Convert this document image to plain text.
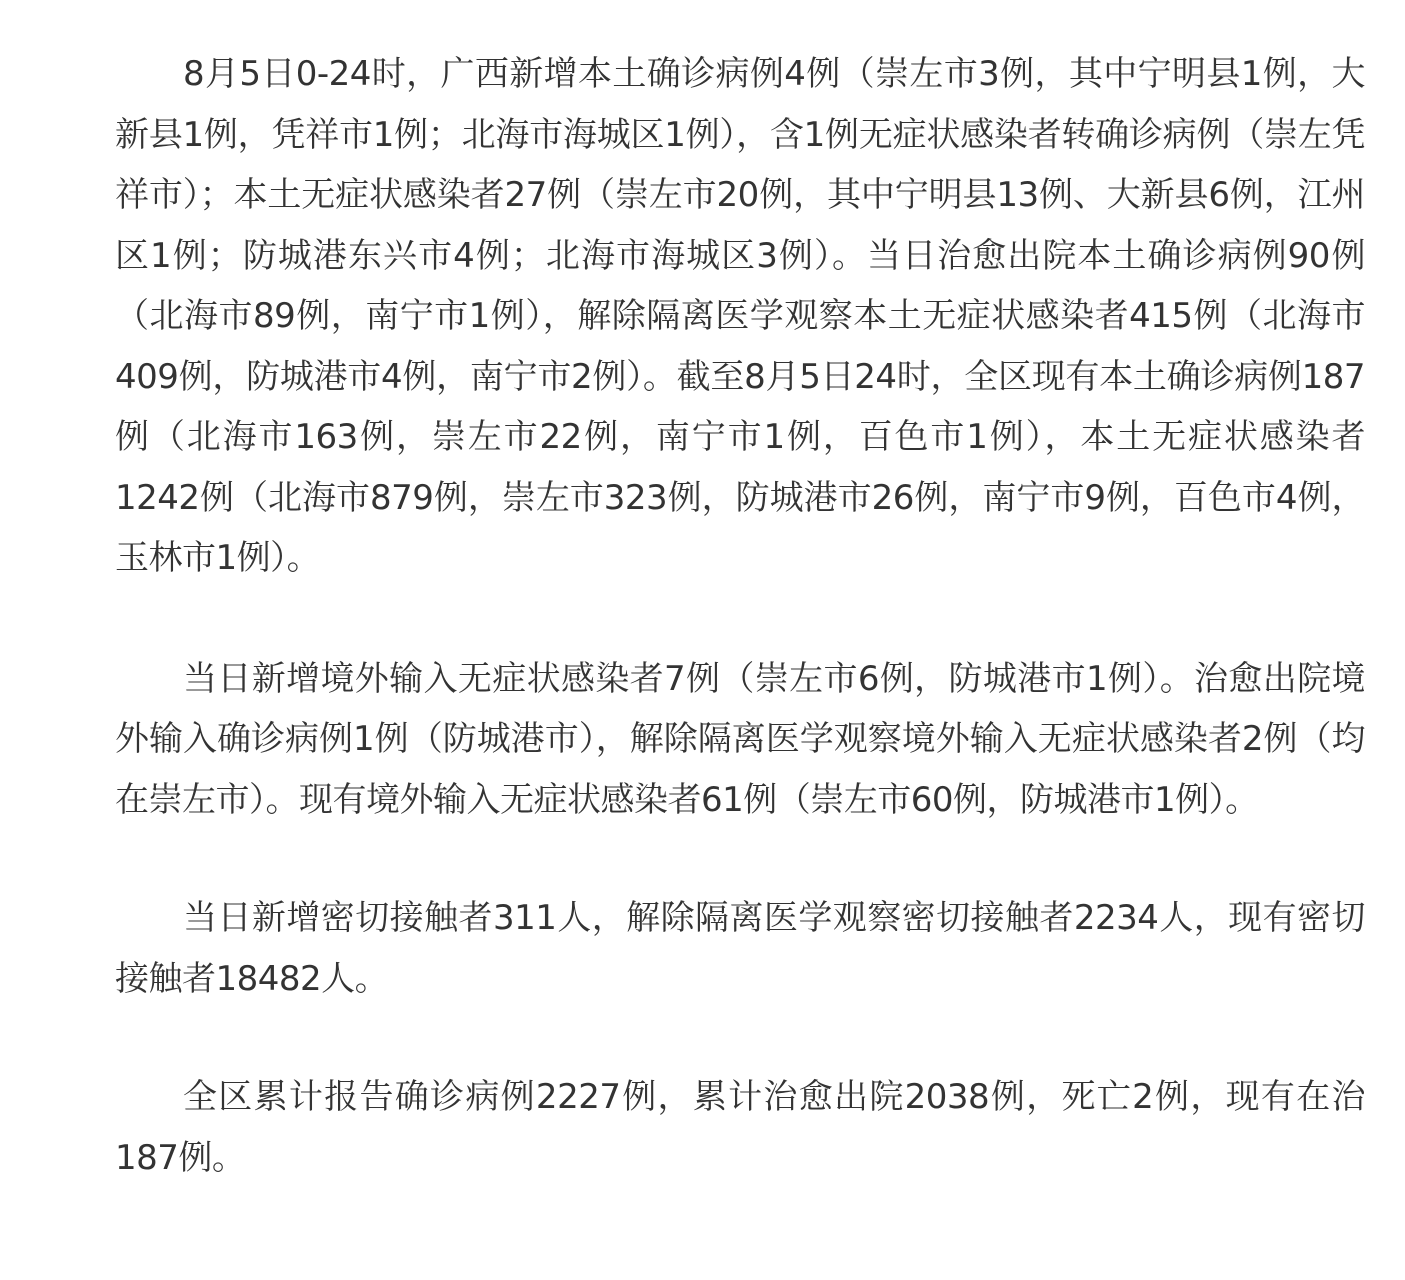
8月5日0-24时，广西新增本土确诊病例4例（崇左市3例，其中宁明县1例，大新县1例，凭祥市1例；北海市海城区1例），含1例无症状感染者转确诊病例（崇左凭祥市）；本土无症状感染者27例（崇左市20例，其中宁明县13例、大新县6例，江州区1例；防城港东兴市4例；北海市海城区3例）。当日治愈出院本土确诊病例90例（北海市89例，南宁市1例），解除隔离医学观察本土无症状感染者415例（北海市409例，防城港市4例，南宁市2例）。截至8月5日24时，全区现有本土确诊病例187例（北海市163例，崇左市22例，南宁市1例，百色市1例），本土无症状感染者1242例（北海市879例，崇左市323例，防城港市26例，南宁市9例，百色市4例，玉林市1例）。

当日新增境外输入无症状感染者7例（崇左市6例，防城港市1例）。治愈出院境外输入确诊病例1例（防城港市），解除隔离医学观察境外输入无症状感染者2例（均在崇左市）。现有境外输入无症状感染者61例（崇左市60例，防城港市1例）。

当日新增密切接触者311人，解除隔离医学观察密切接触者2234人，现有密切接触者18482人。

全区累计报告确诊病例2227例，累计治愈出院2038例，死亡2例，现有在治187例。
